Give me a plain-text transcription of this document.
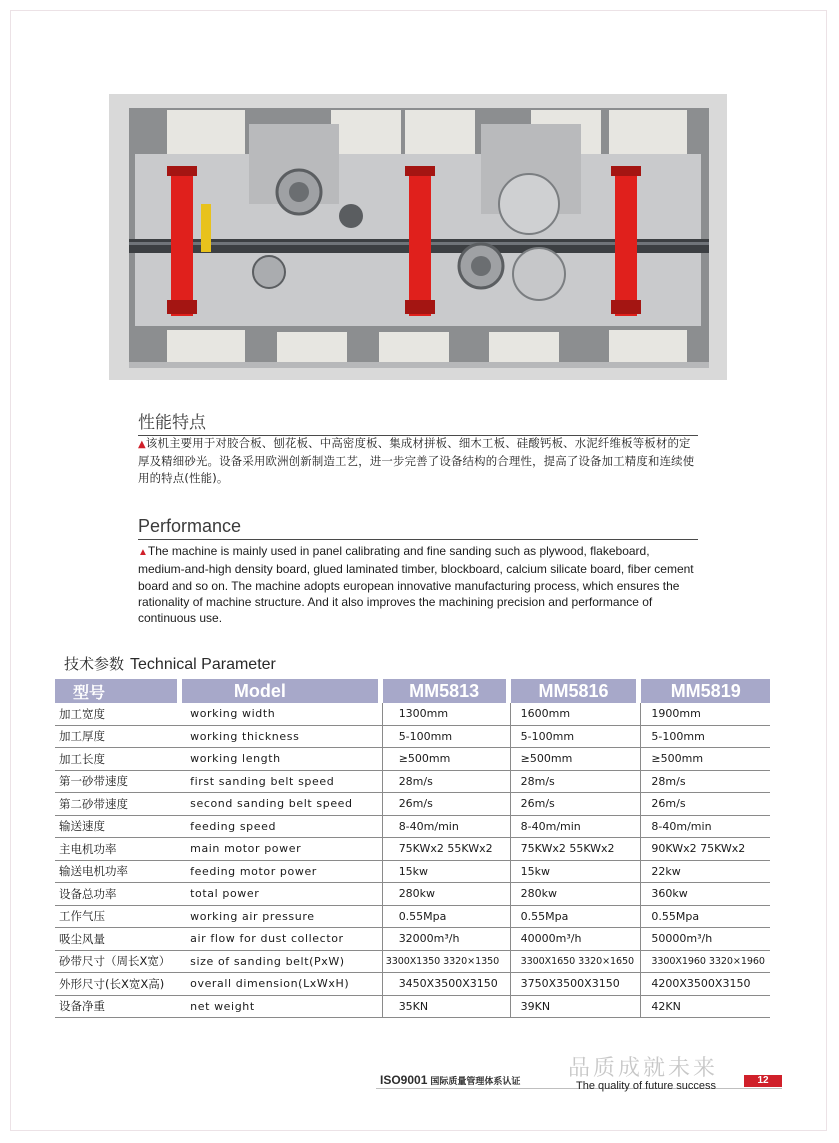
性能特点
▲该机主要用于对胶合板、刨花板、中高密度板、集成材拼板、细木工板、硅酸钙板、水泥纤维板等板材的定厚及精细砂光。设备采用欧洲创新制造工艺，进一步完善了设备结构的合理性，提高了设备加工精度和连续使用的特点(性能)。
Performance
▲The machine is mainly used in panel calibrating and fine sanding such as plywood, flakeboard, medium-and-high density board, glued laminated timber, blockboard, calcium silicate board, fiber cement board and so on. The machine adopts european innovative manufacturing process, which ensures the rationality of machine structure. And it also improves the machining precision and performance of continuous use.
技术参数 Technical Parameter
型号	Model	MM5813	MM5816	MM5819
加工宽度	working width	1300mm	1600mm	1900mm
加工厚度	working thickness	5-100mm	5-100mm	5-100mm
加工长度	working length	≥500mm	≥500mm	≥500mm
第一砂带速度	first sanding belt speed	28m/s	28m/s	28m/s
第二砂带速度	second sanding belt speed	26m/s	26m/s	26m/s
输送速度	feeding speed	8-40m/min	8-40m/min	8-40m/min
主电机功率	main motor power	75KWx2 55KWx2	75KWx2 55KWx2	90KWx2 75KWx2
输送电机功率	feeding motor power	15kw	15kw	22kw
设备总功率	total power	280kw	280kw	360kw
工作气压	working air pressure	0.55Mpa	0.55Mpa	0.55Mpa
吸尘风量	air flow for dust collector	32000m³/h	40000m³/h	50000m³/h
砂带尺寸（周长X宽）	size of sanding belt(PxW)	3300X1350 3320×1350	3300X1650 3320×1650	3300X1960 3320×1960
外形尺寸(长X宽X高)	overall dimension(LxWxH)	3450X3500X3150	3750X3500X3150	4200X3500X3150
设备净重	net weight	35KN	39KN	42KN
品质成就未来
ISO9001 国际质量管理体系认证	The quality of future success	12
